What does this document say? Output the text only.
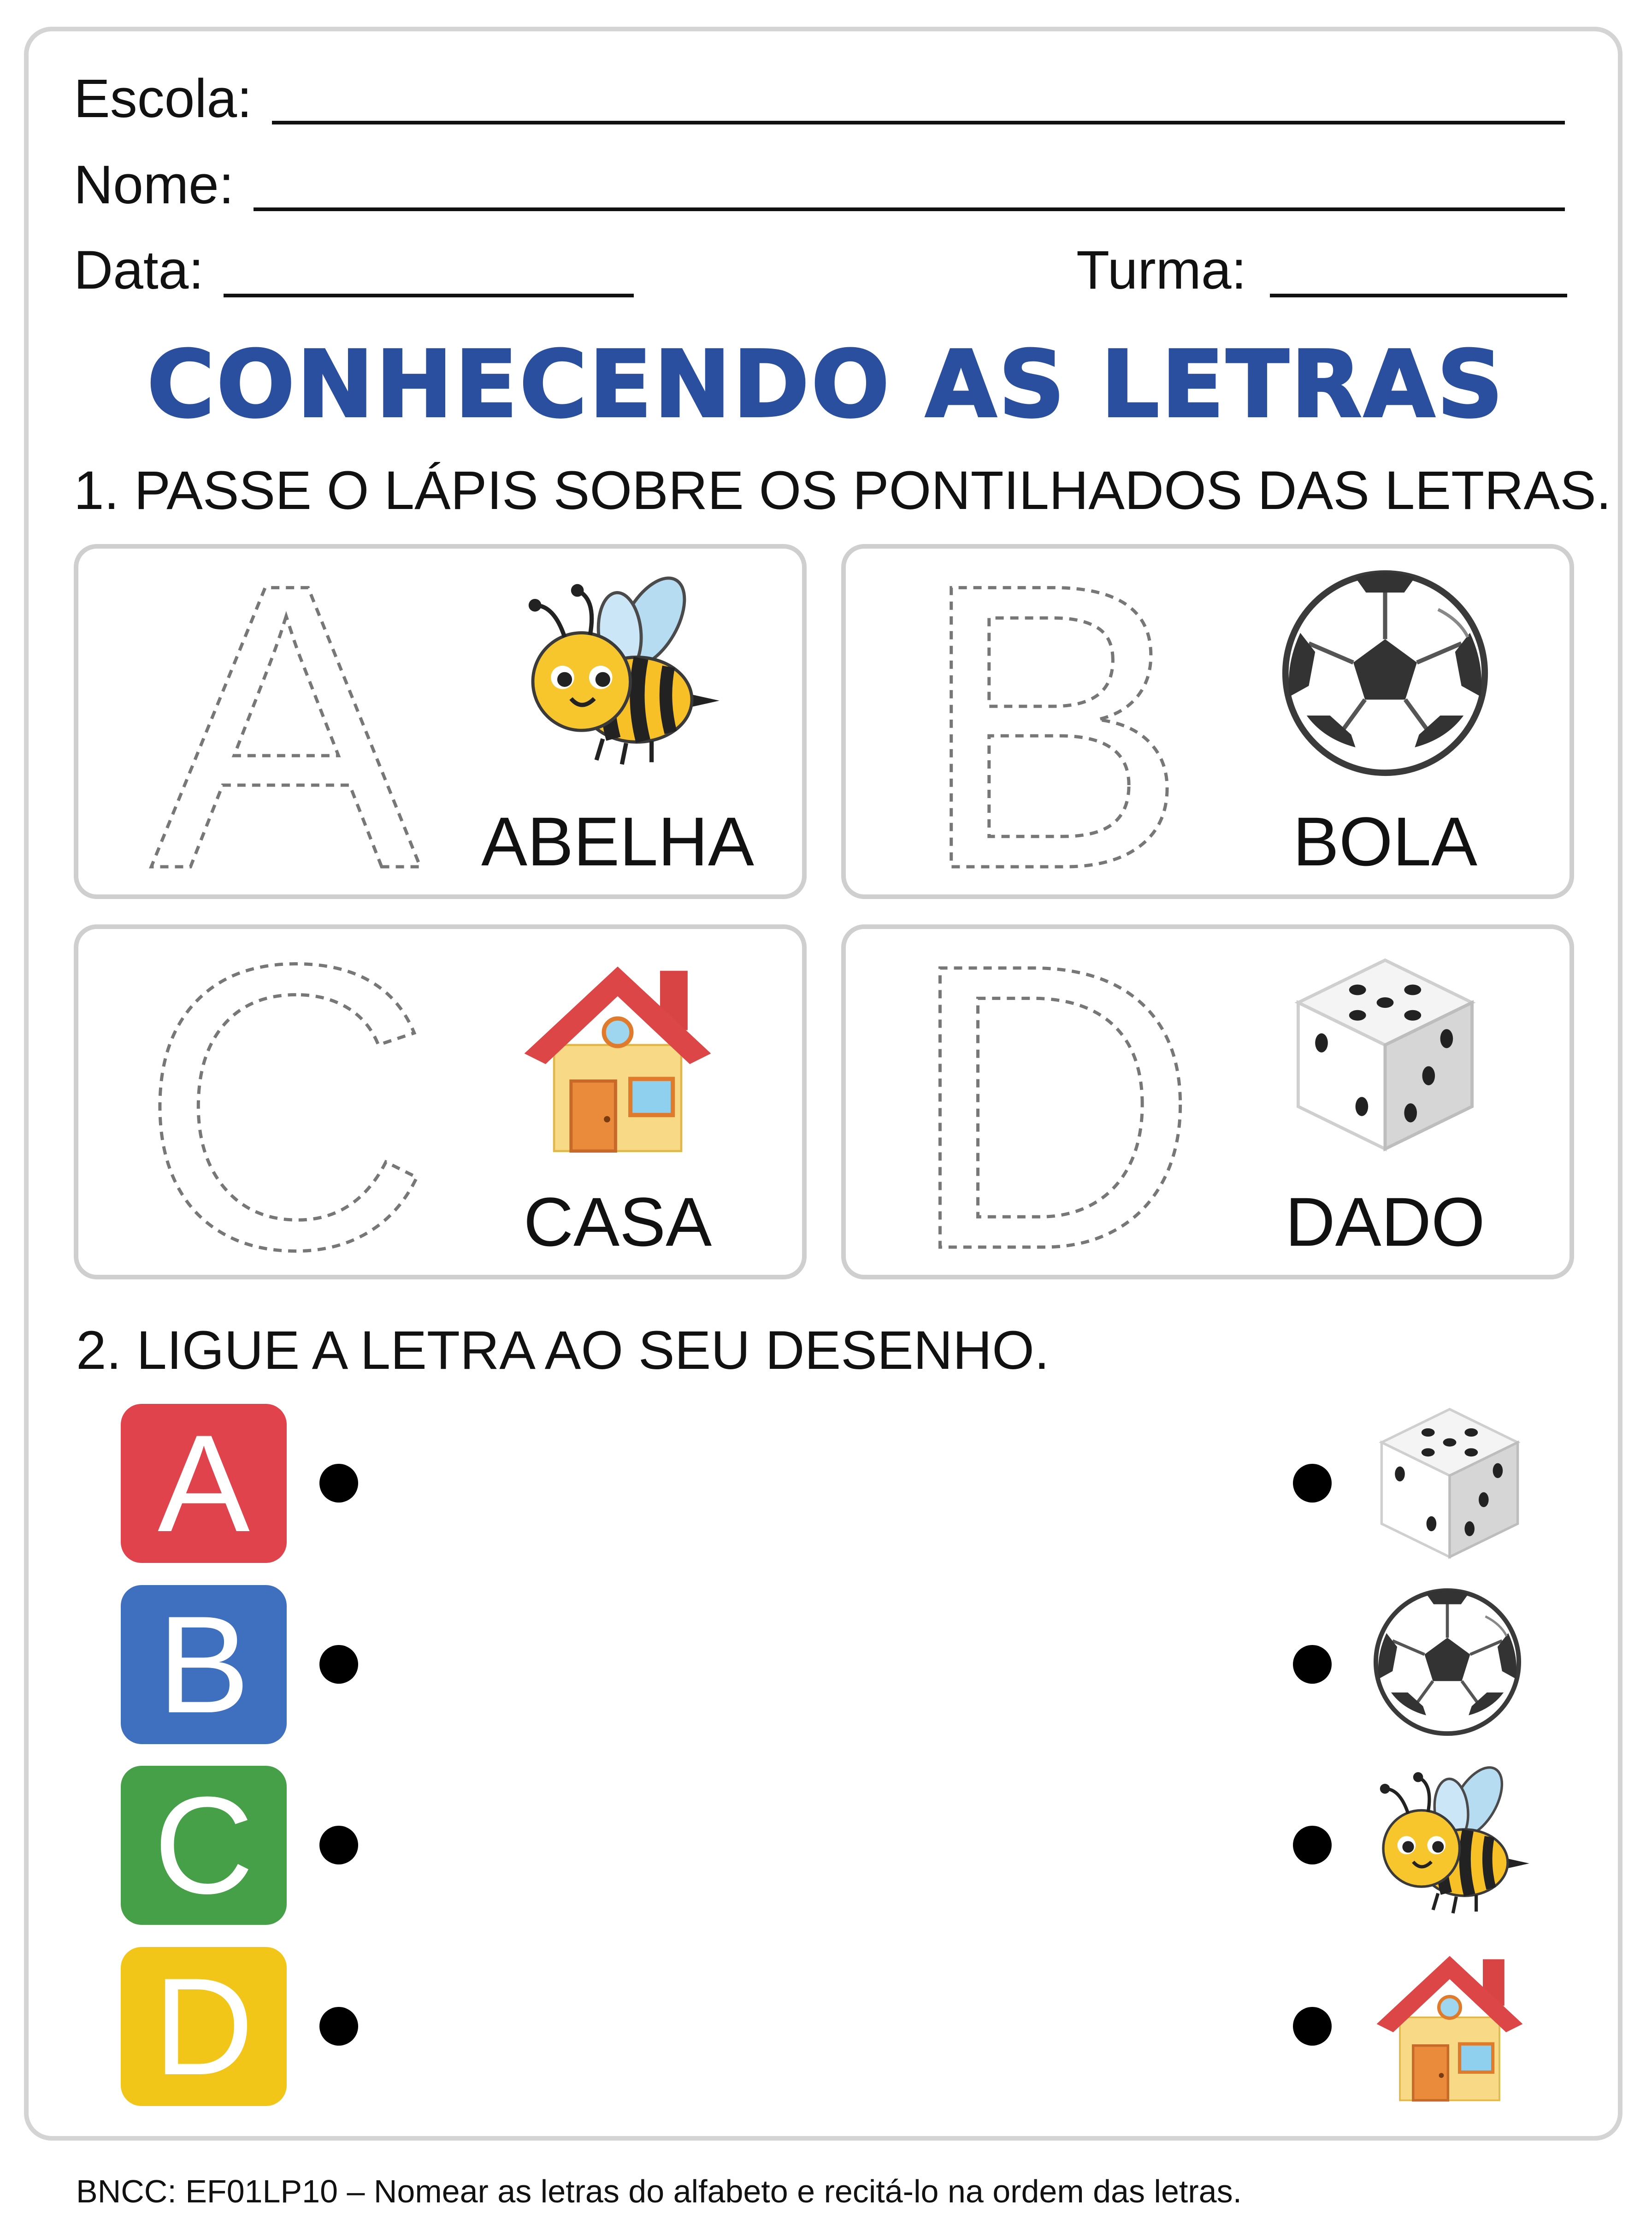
Escola:
Nome:
Data:	Turma:
CONHECENDO AS LETRAS
1. PASSE O LÁPIS SOBRE OS PONTILHADOS DAS LETRAS.
A ABELHA B	BOLA
C	CASA D	DADO
2. LIGUE A LETRA AO SEU DESENHO.
A
B
C
D
BNCC: EF01LP10 – Nomear as letras do alfabeto e recitá-lo na ordem das letras.
